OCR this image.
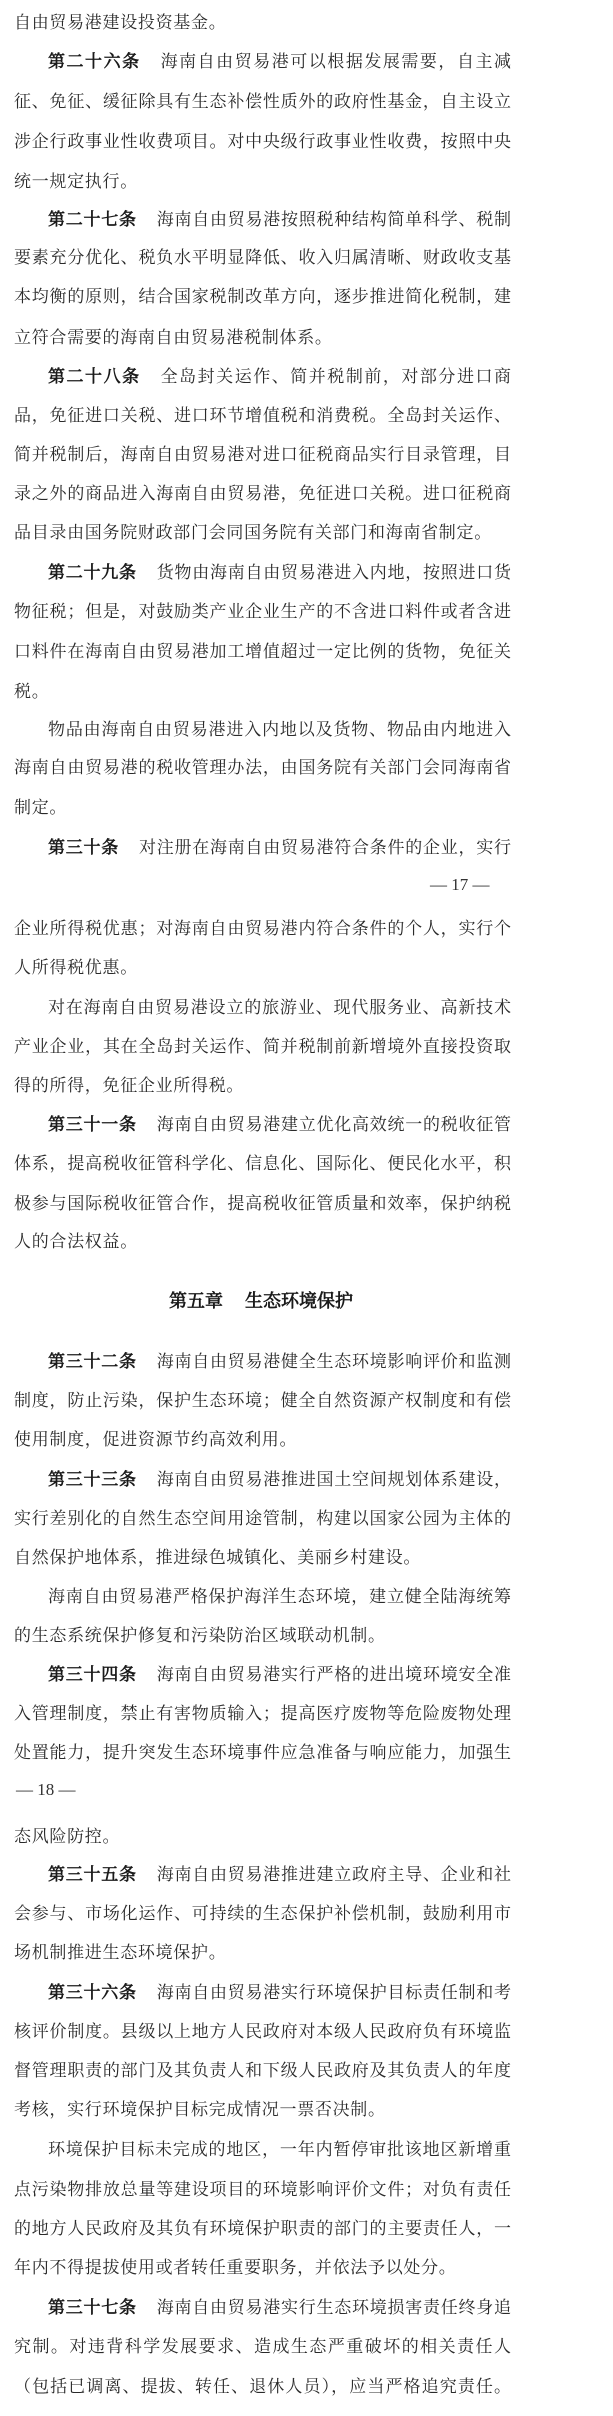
第五章 生态环境保护
— 17 —
— 18 —
自由贸易港建设投资基金。
第二十六条 海南自由贸易港可以根据发展需要，自主减
征、免征、缓征除具有生态补偿性质外的政府性基金，自主设立
涉企行政事业性收费项目。对中央级行政事业性收费，按照中央
统一规定执行。
第二十七条 海南自由贸易港按照税种结构简单科学、税制
要素充分优化、税负水平明显降低、收入归属清晰、财政收支基
本均衡的原则，结合国家税制改革方向，逐步推进简化税制，建
立符合需要的海南自由贸易港税制体系。
第二十八条 全岛封关运作、简并税制前，对部分进口商
品，免征进口关税、进口环节增值税和消费税。全岛封关运作、
简并税制后，海南自由贸易港对进口征税商品实行目录管理，目
录之外的商品进入海南自由贸易港，免征进口关税。进口征税商
品目录由国务院财政部门会同国务院有关部门和海南省制定。
第二十九条 货物由海南自由贸易港进入内地，按照进口货
物征税；但是，对鼓励类产业企业生产的不含进口料件或者含进
口料件在海南自由贸易港加工增值超过一定比例的货物，免征关
税。
物品由海南自由贸易港进入内地以及货物、物品由内地进入
海南自由贸易港的税收管理办法，由国务院有关部门会同海南省
制定。
第三十条 对注册在海南自由贸易港符合条件的企业，实行
企业所得税优惠；对海南自由贸易港内符合条件的个人，实行个
人所得税优惠。
对在海南自由贸易港设立的旅游业、现代服务业、高新技术
产业企业，其在全岛封关运作、简并税制前新增境外直接投资取
得的所得，免征企业所得税。
第三十一条 海南自由贸易港建立优化高效统一的税收征管
体系，提高税收征管科学化、信息化、国际化、便民化水平，积
极参与国际税收征管合作，提高税收征管质量和效率，保护纳税
人的合法权益。
第三十二条 海南自由贸易港健全生态环境影响评价和监测
制度，防止污染，保护生态环境；健全自然资源产权制度和有偿
使用制度，促进资源节约高效利用。
第三十三条 海南自由贸易港推进国土空间规划体系建设，
实行差别化的自然生态空间用途管制，构建以国家公园为主体的
自然保护地体系，推进绿色城镇化、美丽乡村建设。
海南自由贸易港严格保护海洋生态环境，建立健全陆海统筹
的生态系统保护修复和污染防治区域联动机制。
第三十四条 海南自由贸易港实行严格的进出境环境安全准
入管理制度，禁止有害物质输入；提高医疗废物等危险废物处理
处置能力，提升突发生态环境事件应急准备与响应能力，加强生
态风险防控。
第三十五条 海南自由贸易港推进建立政府主导、企业和社
会参与、市场化运作、可持续的生态保护补偿机制，鼓励利用市
场机制推进生态环境保护。
第三十六条 海南自由贸易港实行环境保护目标责任制和考
核评价制度。县级以上地方人民政府对本级人民政府负有环境监
督管理职责的部门及其负责人和下级人民政府及其负责人的年度
考核，实行环境保护目标完成情况一票否决制。
环境保护目标未完成的地区，一年内暂停审批该地区新增重
点污染物排放总量等建设项目的环境影响评价文件；对负有责任
的地方人民政府及其负有环境保护职责的部门的主要责任人，一
年内不得提拔使用或者转任重要职务，并依法予以处分。
第三十七条 海南自由贸易港实行生态环境损害责任终身追
究制。对违背科学发展要求、造成生态严重破坏的相关责任人
（包括已调离、提拔、转任、退休人员），应当严格追究责任。
